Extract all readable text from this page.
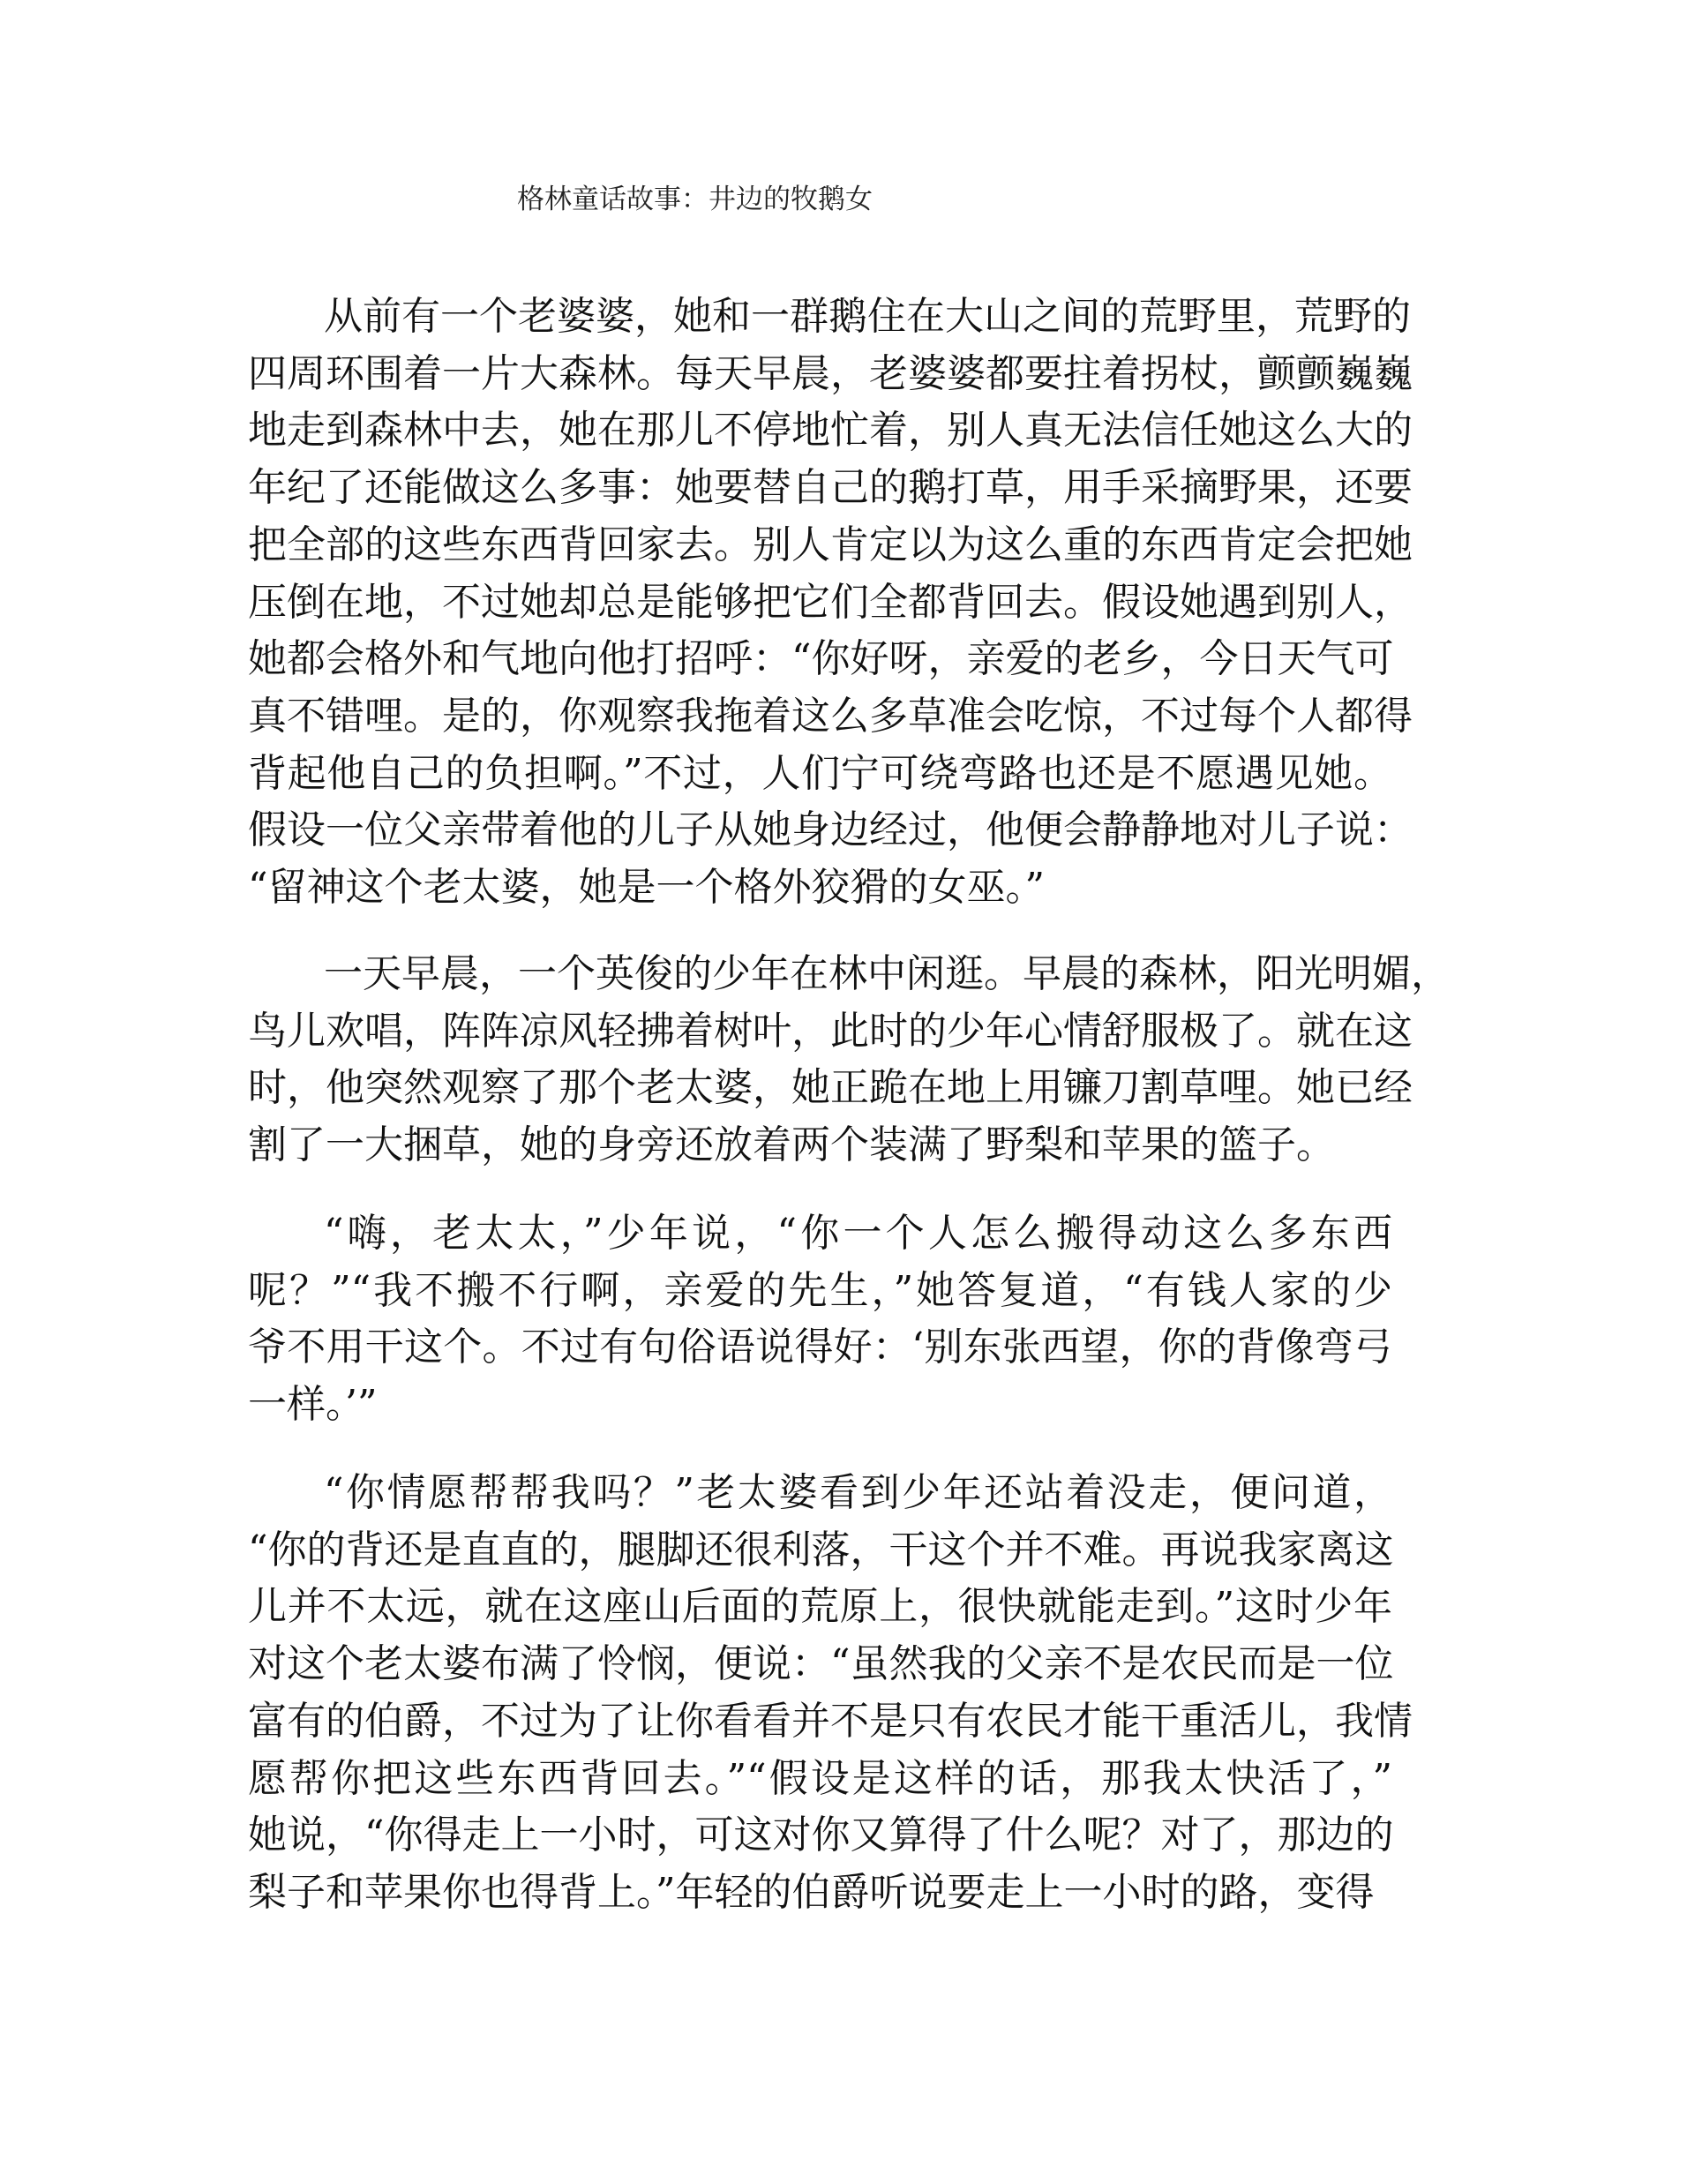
格林童话故事：井边的牧鹅女
从前有一个老婆婆，她和一群鹅住在大山之间的荒野里，荒野的
四周环围着一片大森林。每天早晨，老婆婆都要拄着拐杖，颤颤巍巍
地走到森林中去，她在那儿不停地忙着，别人真无法信任她这么大的
年纪了还能做这么多事：她要替自己的鹅打草，用手采摘野果，还要
把全部的这些东西背回家去。别人肯定以为这么重的东西肯定会把她
压倒在地，不过她却总是能够把它们全都背回去。假设她遇到别人，
她都会格外和气地向他打招呼：“你好呀，亲爱的老乡，今日天气可
真不错哩。是的，你观察我拖着这么多草准会吃惊，不过每个人都得
背起他自己的负担啊。”不过，人们宁可绕弯路也还是不愿遇见她。
假设一位父亲带着他的儿子从她身边经过，他便会静静地对儿子说：
“留神这个老太婆，她是一个格外狡猾的女巫。”
一天早晨，一个英俊的少年在林中闲逛。早晨的森林，阳光明媚，
鸟儿欢唱，阵阵凉风轻拂着树叶，此时的少年心情舒服极了。就在这
时，他突然观察了那个老太婆，她正跪在地上用镰刀割草哩。她已经
割了一大捆草，她的身旁还放着两个装满了野梨和苹果的篮子。
“嗨，老太太，”少年说，“你一个人怎么搬得动这么多东西
呢？”“我不搬不行啊，亲爱的先生，”她答复道，“有钱人家的少
爷不用干这个。不过有句俗语说得好：‘别东张西望，你的背像弯弓
一样。’”
“你情愿帮帮我吗？”老太婆看到少年还站着没走，便问道，
“你的背还是直直的，腿脚还很利落，干这个并不难。再说我家离这
儿并不太远，就在这座山后面的荒原上，很快就能走到。”这时少年
对这个老太婆布满了怜悯，便说：“虽然我的父亲不是农民而是一位
富有的伯爵，不过为了让你看看并不是只有农民才能干重活儿，我情
愿帮你把这些东西背回去。”“假设是这样的话，那我太快活了，”
她说，“你得走上一小时，可这对你又算得了什么呢？对了，那边的
梨子和苹果你也得背上。”年轻的伯爵听说要走上一小时的路，变得
